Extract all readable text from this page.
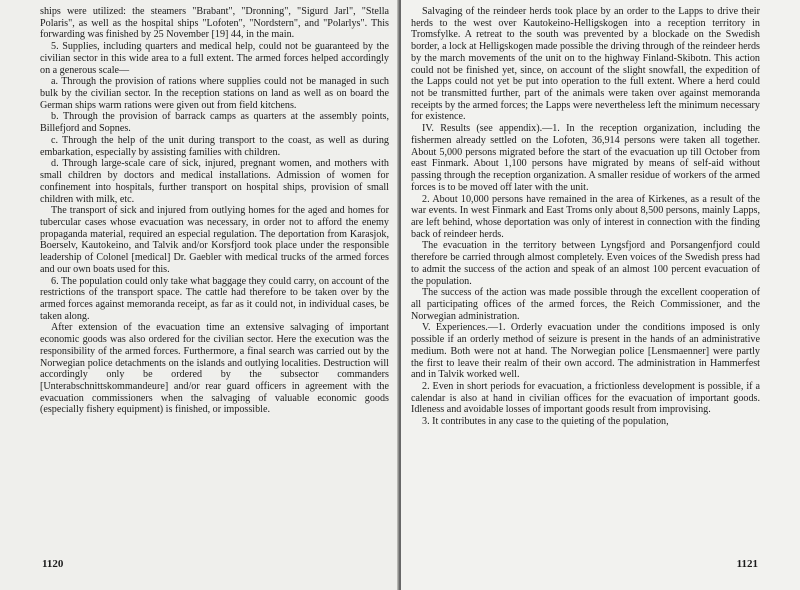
ships were utilized: the steamers "Brabant", "Dronning", "Sigurd Jarl", "Stella Polaris", as well as the hospital ships "Lofoten", "Nordstern", and "Polarlys". This forwarding was finished by 25 November [19] 44, in the main.

5. Supplies, including quarters and medical help, could not be guaranteed by the civilian sector in this wide area to a full extent. The armed forces helped accordingly on a generous scale—

a. Through the provision of rations where supplies could not be managed in such bulk by the civilian sector. In the reception stations on land as well as on board the German ships warm rations were given out from field kitchens.

b. Through the provision of barrack camps as quarters at the assembly points, Billefjord and Sopnes.

c. Through the help of the unit during transport to the coast, as well as during embarkation, especially by assisting families with children.

d. Through large-scale care of sick, injured, pregnant women, and mothers with small children by doctors and medical installations. Admission of women for confinement into hospitals, further transport on hospital ships, provision of small children with milk, etc.

The transport of sick and injured from outlying homes for the aged and homes for tubercular cases whose evacuation was necessary, in order not to afford the enemy propaganda material, required an especial regulation. The deportation from Karasjok, Boerselv, Kautokeino, and Talvik and/or Korsfjord took place under the responsible leadership of Colonel [medical] Dr. Gaebler with medical trucks of the armed forces and our own boats used for this.

6. The population could only take what baggage they could carry, on account of the restrictions of the transport space. The cattle had therefore to be taken over by the armed forces against memoranda receipt, as far as it could not, in individual cases, be taken along.

After extension of the evacuation time an extensive salvaging of important economic goods was also ordered for the civilian sector. Here the execution was the responsibility of the armed forces. Furthermore, a final search was carried out by the Norwegian police detachments on the islands and outlying localities. Destruction will accordingly only be ordered by the subsector commanders [Unterabschnittskommandeure] and/or rear guard officers in agreement with the evacuation commissioners when the salvaging of valuable economic goods (especially fishery equipment) is finished, or impossible.

1120

Salvaging of the reindeer herds took place by an order to the Lapps to drive their herds to the west over Kautokeino-Helligskogen into a reception territory in Tromsfylke. A retreat to the south was prevented by a blockade on the Swedish border, a lock at Helligskogen made possible the driving through of the reindeer herds by the march movements of the unit on to the highway Finland-Skibotn. This action could not be finished yet, since, on account of the slight snowfall, the expedition of the Lapps could not yet be put into operation to the full extent. Where a herd could not be transmitted further, part of the animals were taken over against memoranda receipts by the armed forces; the Lapps were nevertheless left the minimum necessary for existence.

IV. Results (see appendix).—1. In the reception organization, including the fishermen already settled on the Lofoten, 36,914 persons were taken all together. About 5,000 persons migrated before the start of the evacuation up till October from east Finmark. About 1,100 persons have migrated by means of self-aid without passing through the reception organization. A smaller residue of workers of the armed forces is to be moved off later with the unit.

2. About 10,000 persons have remained in the area of Kirkenes, as a result of the war events. In west Finmark and East Troms only about 8,500 persons, mainly Lapps, are left behind, whose deportation was only of interest in connection with the finding back of reindeer herds.

The evacuation in the territory between Lyngsfjord and Porsangenfjord could therefore be carried through almost completely. Even voices of the Swedish press had to admit the success of the action and speak of an almost 100 percent evacuation of the population.

The success of the action was made possible through the excellent cooperation of all participating offices of the armed forces, the Reich Commissioner, and the Norwegian administration.

V. Experiences.—1. Orderly evacuation under the conditions imposed is only possible if an orderly method of seizure is present in the hands of an administrative medium. Both were not at hand. The Norwegian police [Lensmaenner] were partly the first to leave their realm of their own accord. The administration in Hammerfest and in Talvik worked well.

2. Even in short periods for evacuation, a frictionless development is possible, if a calendar is also at hand in civilian offices for the evacuation of important goods. Idleness and avoidable losses of important goods result from improvising.

3. It contributes in any case to the quieting of the population,

1121
